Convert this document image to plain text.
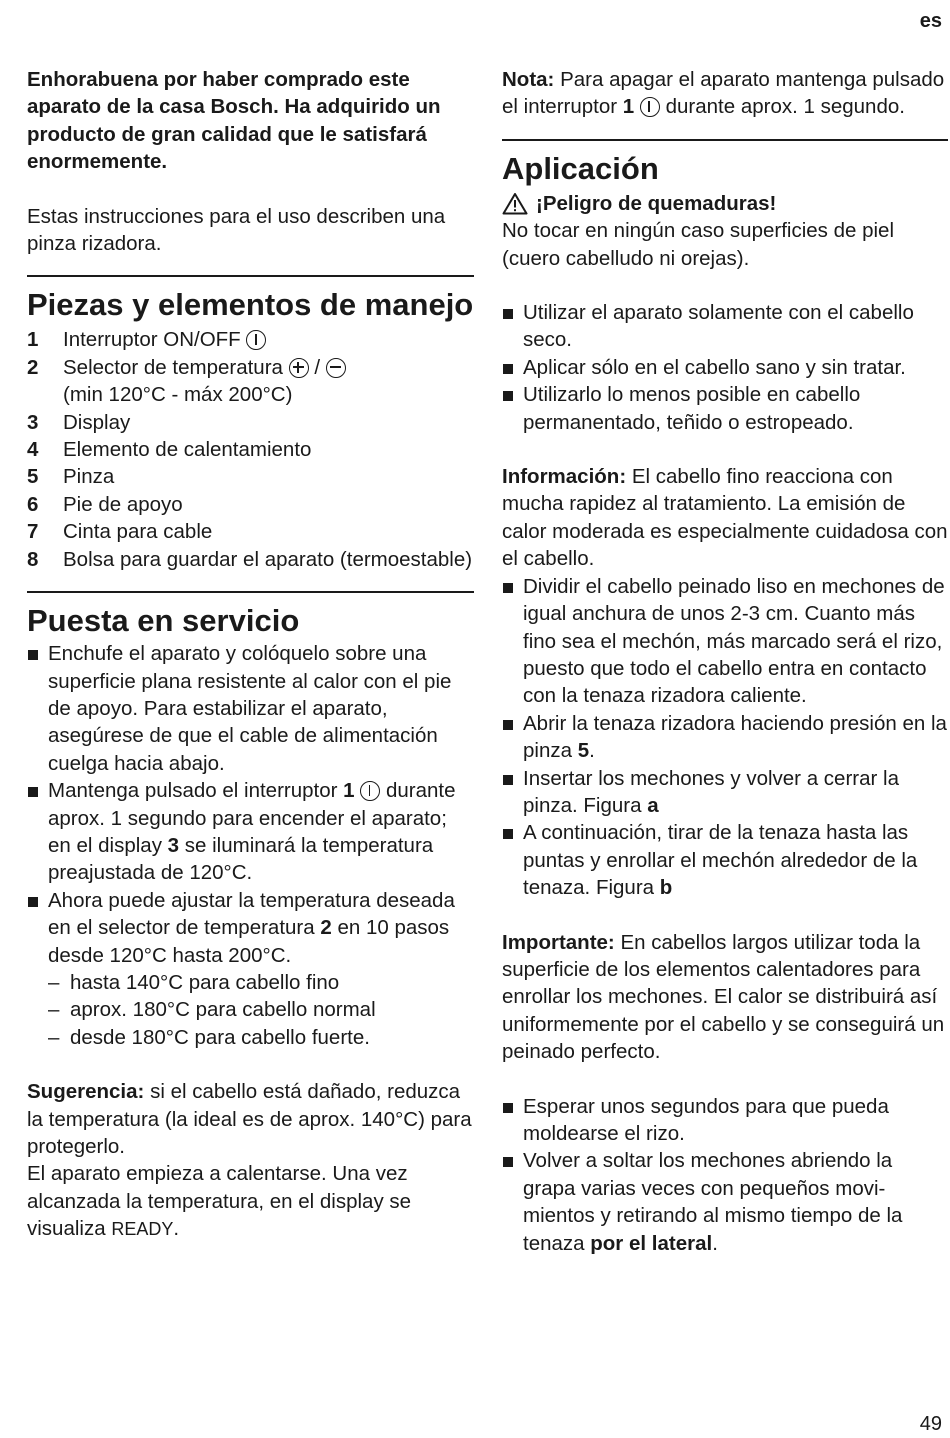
es

Enhorabuena por haber comprado este aparato de la casa Bosch. Ha adquirido un producto de gran calidad que le satisfará enormemente.

Estas instrucciones para el uso describen una pinza rizadora.

Piezas y elementos de manejo
1	Interruptor ON/OFF
2	Selector de temperatura /

(min 120°C - máx 200°C)
3	Display
4	Elemento de calentamiento
5	Pinza
6	Pie de apoyo
7	Cinta para cable
8	Bolsa para guardar el aparato (termoestable)
Puesta en servicio
Enchufe el aparato y colóquelo sobre una superficie plana resistente al calor con el pie de apoyo. Para estabilizar el aparato, asegúrese de que el cable de alimentación cuelga hacia abajo.
Mantenga pulsado el interruptor 1 durante aprox. 1 segundo para encender el aparato; en el display 3 se iluminará la temperatura preajustada de 120°C.
Ahora puede ajustar la temperatura deseada en el selector de temperatura 2 en 10 pasos desde 120°C hasta 200°C.
– hasta 140°C para cabello fino
– aprox. 180°C para cabello normal
– desde 180°C para cabello fuerte.

Sugerencia: si el cabello está dañado, reduzca la temperatura (la ideal es de aprox. 140°C) para protegerlo.

El aparato empieza a calentarse. Una vez alcanzada la temperatura, en el display se visualiza READY.

Nota: Para apagar el aparato mantenga pulsado el interruptor 1 durante aprox. 1 segundo.

Aplicación
¡Peligro de quemaduras!

No tocar en ningún caso superficies de piel (cuero cabelludo ni orejas).

Utilizar el aparato solamente con el cabello seco.
Aplicar sólo en el cabello sano y sin tratar.
Utilizarlo lo menos posible en cabello permanentado, teñido o estropeado.

Información: El cabello fino reacciona con mucha rapidez al tratamiento. La emisión de calor moderada es especialmente cuidadosa con el cabello.

Dividir el cabello peinado liso en mechones de igual anchura de unos 2-3 cm. Cuanto más fino sea el mechón, más marcado será el rizo, puesto que todo el cabello entra en contacto con la tenaza rizadora caliente.
Abrir la tenaza rizadora haciendo presión en la pinza 5.
Insertar los mechones y volver a cerrar la pinza. Figura a
A continuación, tirar de la tenaza hasta las puntas y enrollar el mechón alrededor de la tenaza. Figura b

Importante: En cabellos largos utilizar toda la superficie de los elementos calentadores para enrollar los mechones. El calor se distribuirá así uniformemente por el cabello y se conseguirá un peinado perfecto.

Esperar unos segundos para que pueda moldearse el rizo.
Volver a soltar los mechones abriendo la grapa varias veces con pequeños movimientos y retirando al mismo tiempo de la tenaza por el lateral.
49
